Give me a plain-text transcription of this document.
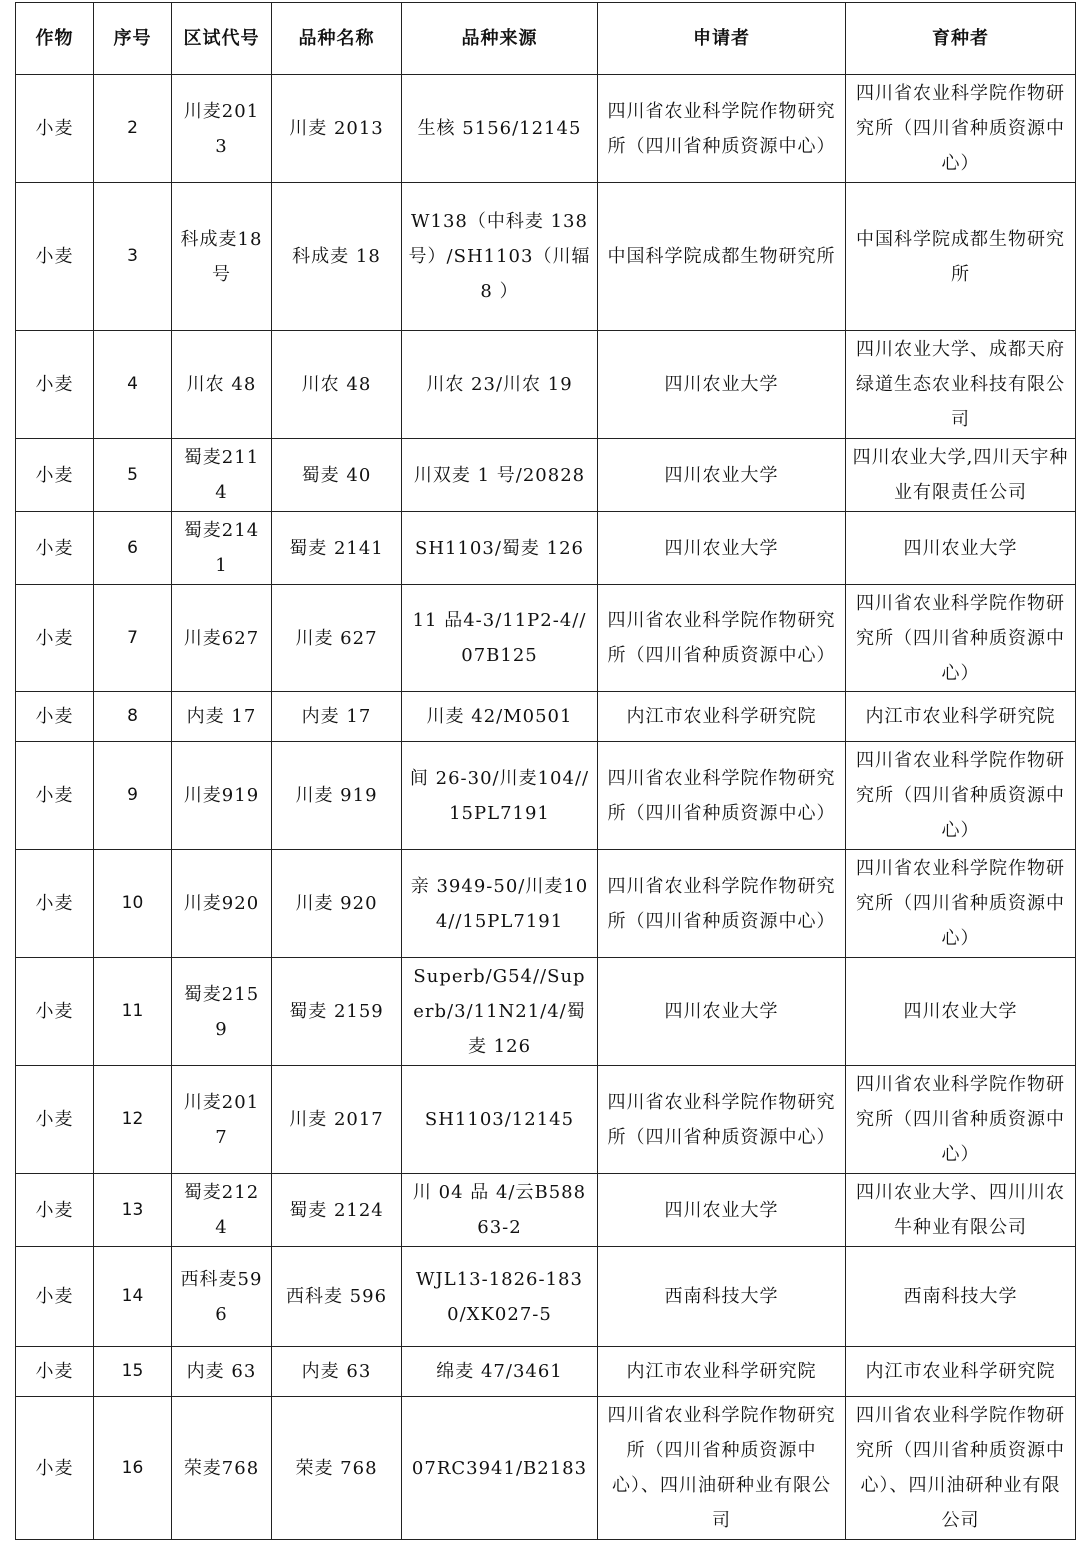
作物	序号	区试代号	品种名称	品种来源	申请者	育种者
小麦	2	川麦2013	川麦 2013	生核 5156/12145	四川省农业科学院作物研究所（四川省种质资源中心）	四川省农业科学院作物研究所（四川省种质资源中心）
小麦	3	科成麦18 号	科成麦 18	W138（中科麦 138 号）/SH1103（川辐 8 ）	中国科学院成都生物研究所	中国科学院成都生物研究所
小麦	4	川农 48	川农 48	川农 23/川农 19	四川农业大学	四川农业大学、成都天府绿道生态农业科技有限公司
小麦	5	蜀麦2114	蜀麦 40	川双麦 1 号/20828	四川农业大学	四川农业大学,四川天宇种业有限责任公司
小麦	6	蜀麦2141	蜀麦 2141	SH1103/蜀麦 126	四川农业大学	四川农业大学
小麦	7	川麦627	川麦 627	11 品4-3/11P2-4//07B125	四川省农业科学院作物研究所（四川省种质资源中心）	四川省农业科学院作物研究所（四川省种质资源中心）
小麦	8	内麦 17	内麦 17	川麦 42/M0501	内江市农业科学研究院	内江市农业科学研究院
小麦	9	川麦919	川麦 919	间 26-30/川麦104//15PL7191	四川省农业科学院作物研究所（四川省种质资源中心）	四川省农业科学院作物研究所（四川省种质资源中心）
小麦	10	川麦920	川麦 920	亲 3949-50/川麦104//15PL7191	四川省农业科学院作物研究所（四川省种质资源中心）	四川省农业科学院作物研究所（四川省种质资源中心）
小麦	11	蜀麦2159	蜀麦 2159	Superb/G54//Superb/3/11N21/4/蜀麦 126	四川农业大学	四川农业大学
小麦	12	川麦2017	川麦 2017	SH1103/12145	四川省农业科学院作物研究所（四川省种质资源中心）	四川省农业科学院作物研究所（四川省种质资源中心）
小麦	13	蜀麦2124	蜀麦 2124	川 04 品 4/云B58863-2	四川农业大学	四川农业大学、四川川农牛种业有限公司
小麦	14	西科麦596	西科麦 596	WJL13-1826-1830/XK027-5	西南科技大学	西南科技大学
小麦	15	内麦 63	内麦 63	绵麦 47/3461	内江市农业科学研究院	内江市农业科学研究院
小麦	16	荣麦768	荣麦 768	07RC3941/B2183	四川省农业科学院作物研究所（四川省种质资源中心）、四川油研种业有限公司	四川省农业科学院作物研究所（四川省种质资源中心）、四川油研种业有限公司
